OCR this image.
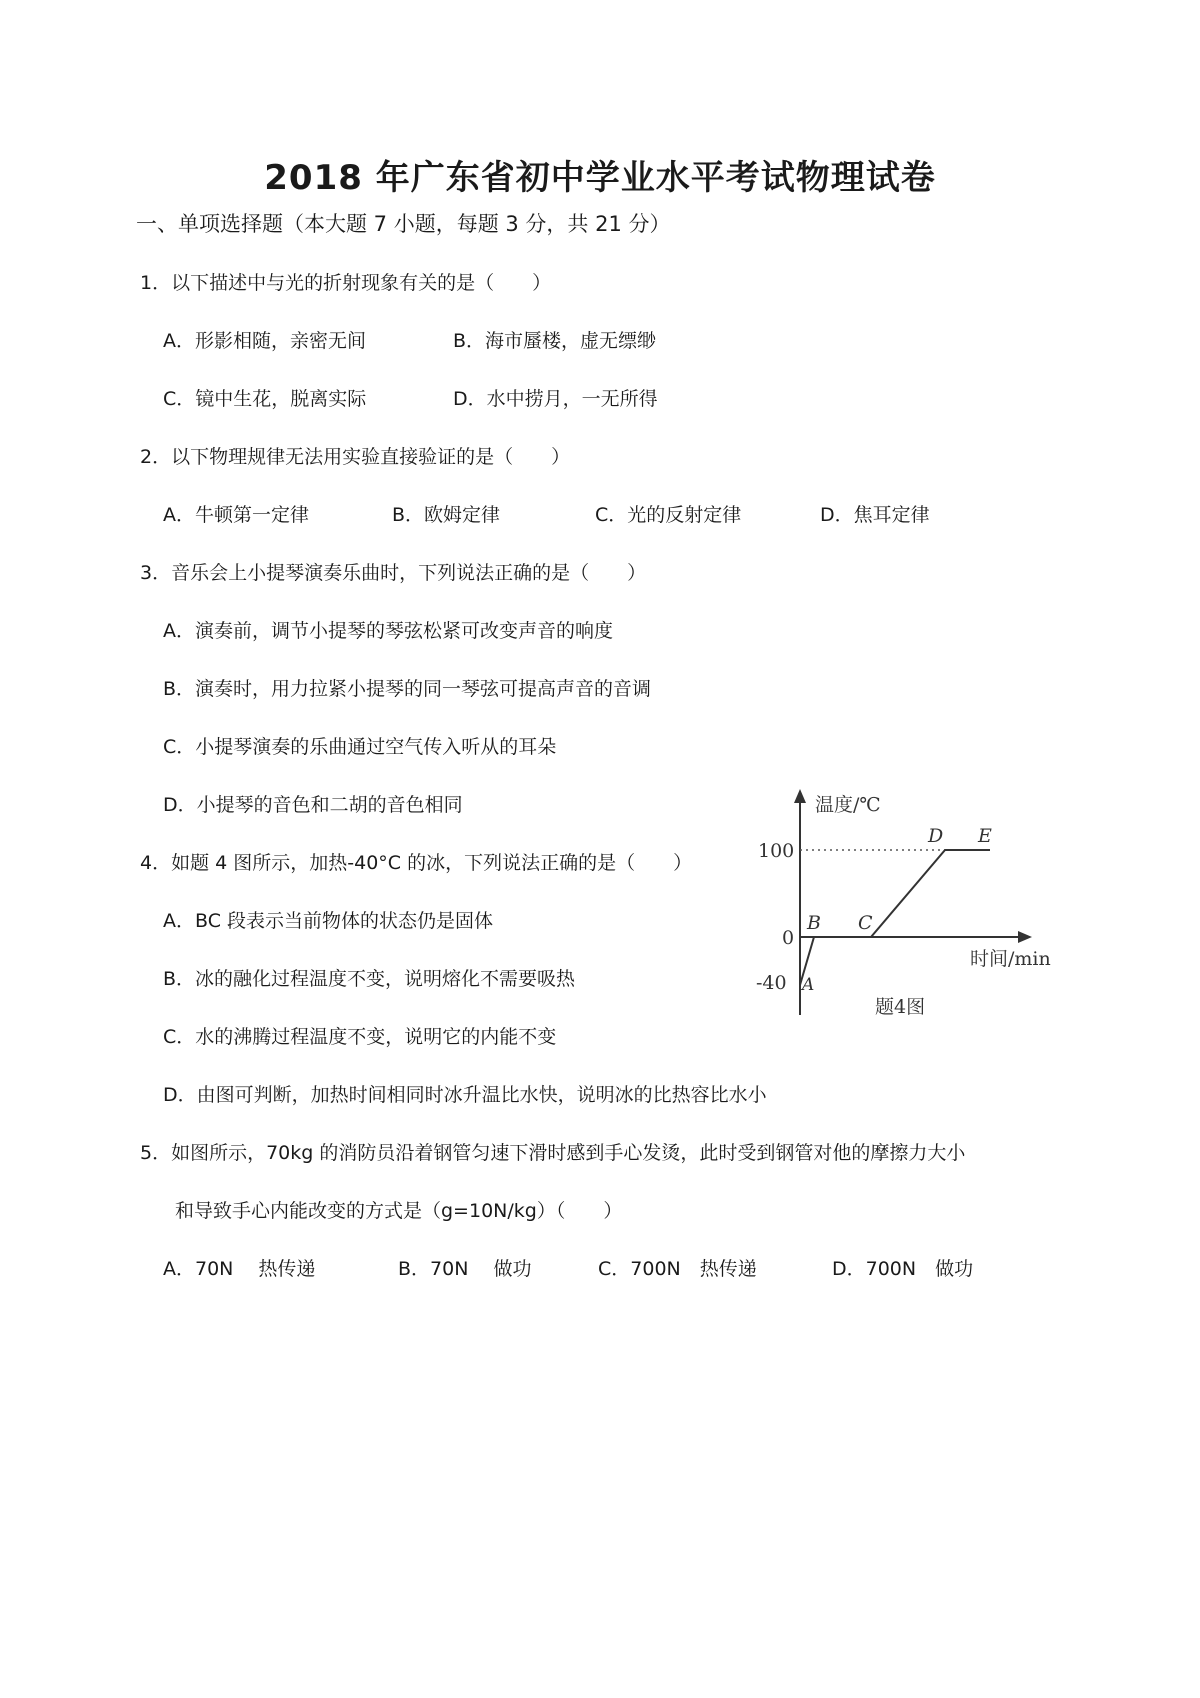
2018 年广东省初中学业水平考试物理试卷
一、单项选择题（本大题 7 小题，每题 3 分，共 21 分）
1．以下描述中与光的折射现象有关的是（　　）
A．形影相随，亲密无间	B．海市蜃楼，虚无缥缈
C．镜中生花，脱离实际	D．水中捞月，一无所得
2．以下物理规律无法用实验直接验证的是（　　）
A．牛顿第一定律	B．欧姆定律	C．光的反射定律	D．焦耳定律
3．音乐会上小提琴演奏乐曲时，下列说法正确的是（　　）
A．演奏前，调节小提琴的琴弦松紧可改变声音的响度
B．演奏时，用力拉紧小提琴的同一琴弦可提高声音的音调
C．小提琴演奏的乐曲通过空气传入听从的耳朵
D．小提琴的音色和二胡的音色相同
4．如题 4 图所示，加热-40°C 的冰，下列说法正确的是（　　）
A．BC 段表示当前物体的状态仍是固体
B．冰的融化过程温度不变，说明熔化不需要吸热
C．水的沸腾过程温度不变，说明它的内能不变
D．由图可判断，加热时间相同时冰升温比水快，说明冰的比热容比水小
5．如图所示，70kg 的消防员沿着钢管匀速下滑时感到手心发烫，此时受到钢管对他的摩擦力大小
和导致手心内能改变的方式是（g=10N/kg）（　　）
A．70N　 热传递	B．70N　 做功	C．700N　热传递	D．700N　做功
温度/℃
时间/min
100
0
-40 A
B C
D E
题4图
